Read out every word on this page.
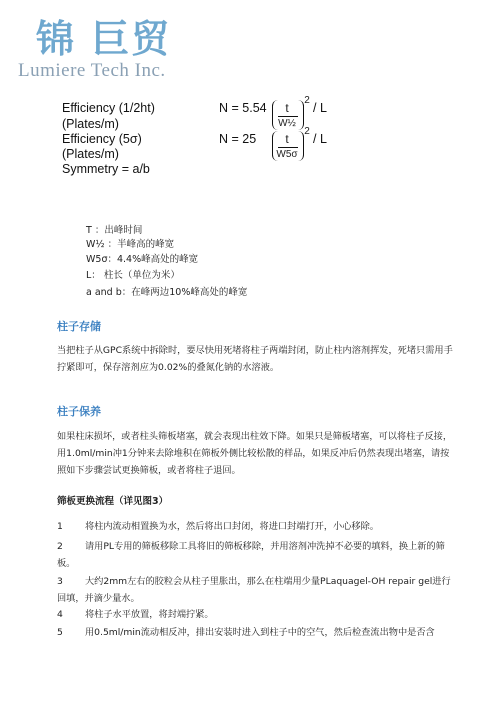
锦 巨贸
Lumiere Tech Inc.
Efficiency (1/2ht)
(Plates/m)
Efficiency (5σ)
(Plates/m)
Symmetry = a/b
N = 5.54	t
W½
2
/ L
N = 25	t
W5σ
2
/ L
T ：出峰时间
W½ ：半峰高的峰宽
W5σ：4.4%峰高处的峰宽
L： 柱长（单位为米）
a and b：在峰两边10%峰高处的峰宽
柱子存储
当把柱子从GPC系统中拆除时，要尽快用死堵将柱子两端封闭，防止柱内溶剂挥发，死堵只需用手拧紧即可，保存溶剂应为0.02%的叠氮化钠的水溶液。
柱子保养
如果柱床损坏，或者柱头筛板堵塞，就会表现出柱效下降。如果只是筛板堵塞，可以将柱子反接，用1.0ml/min冲1分钟来去除堆积在筛板外侧比较松散的样品，如果反冲后仍然表现出堵塞，请按照如下步骤尝试更换筛板，或者将柱子退回。
筛板更换流程（详见图3）
1 将柱内流动相置换为水，然后将出口封闭，将进口封端打开，小心移除。
2 请用PL专用的筛板移除工具将旧的筛板移除，并用溶剂冲洗掉不必要的填料，换上新的筛板。
3 大约2mm左右的胶粒会从柱子里胀出，那么在柱端用少量PLaquagel-OH repair gel进行回填，并滴少量水。
4 将柱子水平放置，将封端拧紧。
5 用0.5ml/min流动相反冲，排出安装时进入到柱子中的空气，然后检查流出物中是否含
